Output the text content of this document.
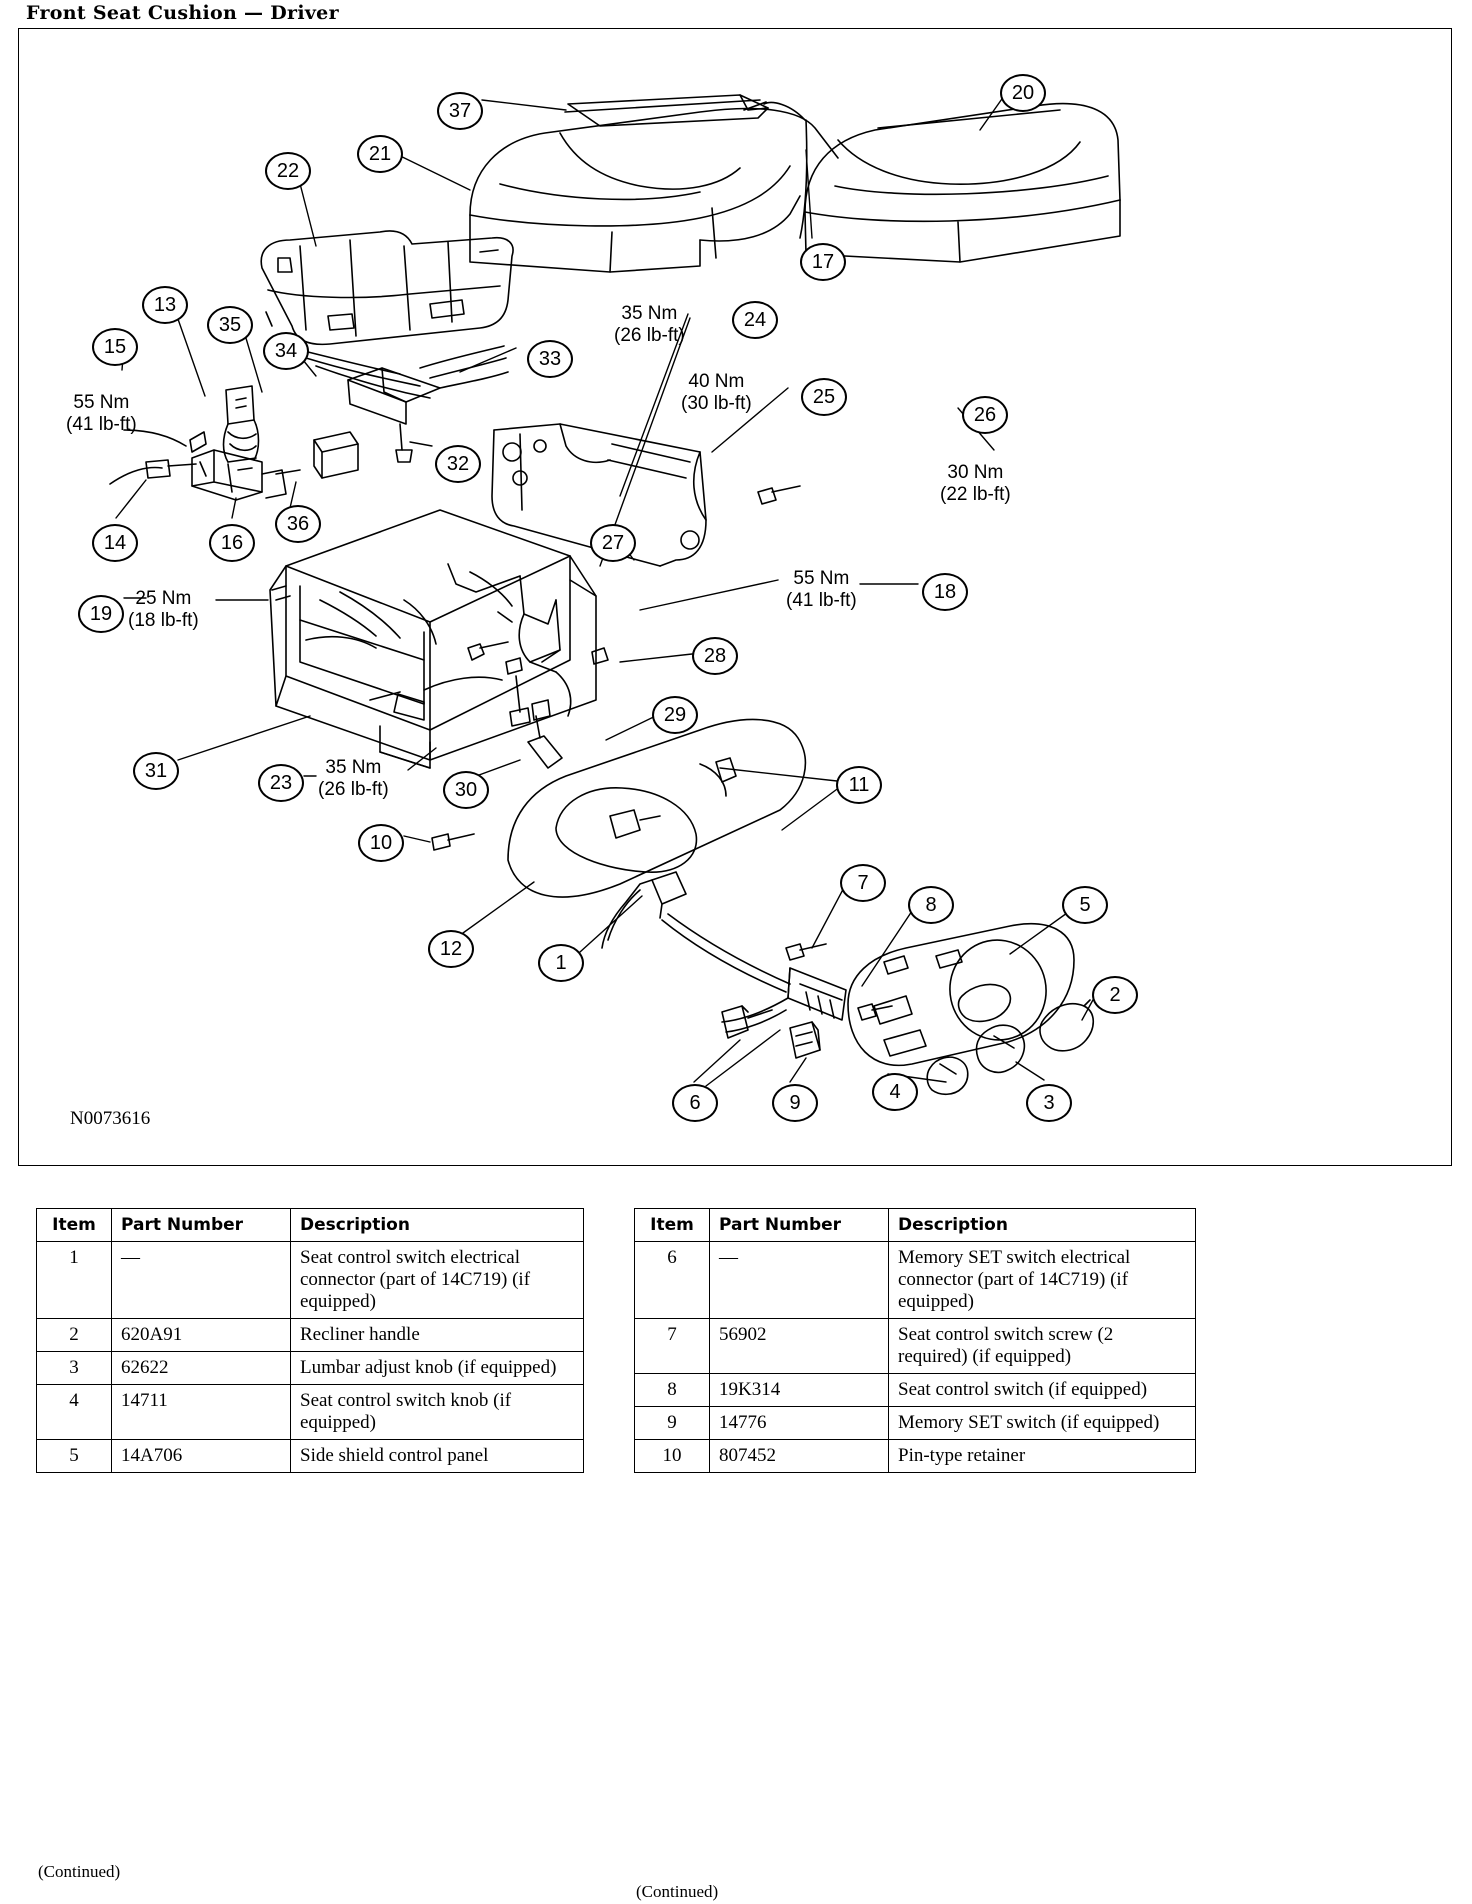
Front Seat Cushion — Driver
37
20
21
22
17
13
35
34
24
33
15
25
26
32
14	16
36
27
19
18
28
29
31
23	30	11
10
7
8	5
12
1
2
3
4
9
6
55 Nm
(41 lb-ft)
35 Nm
(26 lb-ft)
40 Nm
(30 lb-ft)
30 Nm
(22 lb-ft)
25 Nm
(18 lb-ft)
55 Nm
(41 lb-ft)
35 Nm
(26 lb-ft)
N0073616
Item	Part Number	Description
1	—	Seat control switch electrical connector (part of 14C719) (if equipped)
2	620A91	Recliner handle
3	62622	Lumbar adjust knob (if equipped)
4	14711	Seat control switch knob (if equipped)
5	14A706	Side shield control panel
(Continued)
Item	Part Number	Description
6	—	Memory SET switch electrical connector (part of 14C719) (if equipped)
7	56902	Seat control switch screw (2 required) (if equipped)
8	19K314	Seat control switch (if equipped)
9	14776	Memory SET switch (if equipped)
10	807452	Pin-type retainer
(Continued)
